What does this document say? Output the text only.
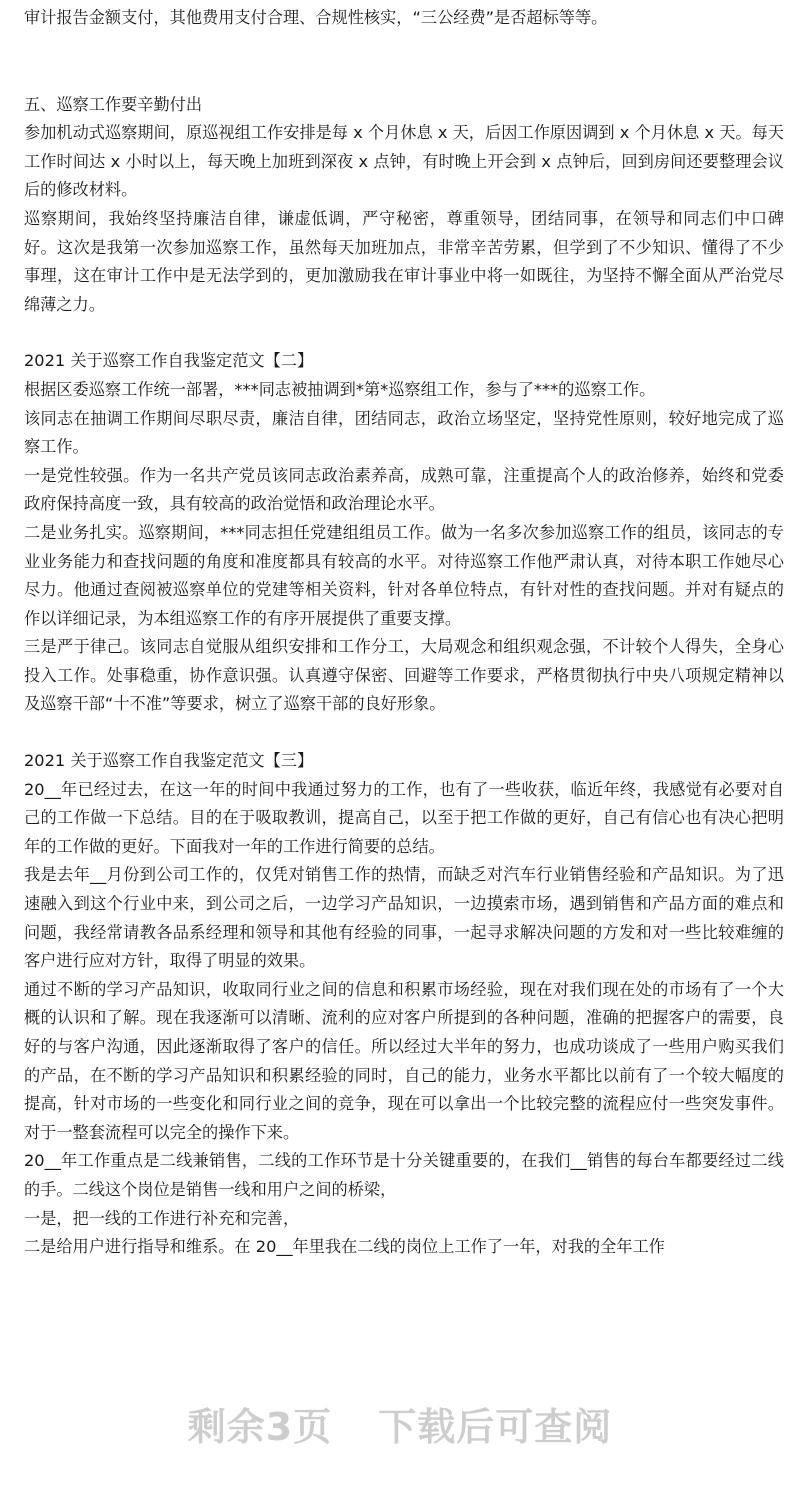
审计报告金额支付，其他费用支付合理、合规性核实，“三公经费”是否超标等等。

五、巡察工作要辛勤付出

参加机动式巡察期间，原巡视组工作安排是每 x 个月休息 x 天，后因工作原因调到 x 个月休息 x 天。每天工作时间达 x 小时以上，每天晚上加班到深夜 x 点钟，有时晚上开会到 x 点钟后，回到房间还要整理会议后的修改材料。

巡察期间，我始终坚持廉洁自律，谦虚低调，严守秘密，尊重领导，团结同事，在领导和同志们中口碑好。这次是我第一次参加巡察工作，虽然每天加班加点，非常辛苦劳累，但学到了不少知识、懂得了不少事理，这在审计工作中是无法学到的，更加激励我在审计事业中将一如既往，为坚持不懈全面从严治党尽绵薄之力。

2021 关于巡察工作自我鉴定范文【二】

根据区委巡察工作统一部署，***同志被抽调到*第*巡察组工作，参与了***的巡察工作。

该同志在抽调工作期间尽职尽责，廉洁自律，团结同志，政治立场坚定，坚持党性原则，较好地完成了巡察工作。

一是党性较强。作为一名共产党员该同志政治素养高，成熟可靠，注重提高个人的政治修养，始终和党委政府保持高度一致，具有较高的政治觉悟和政治理论水平。

二是业务扎实。巡察期间，***同志担任党建组组员工作。做为一名多次参加巡察工作的组员，该同志的专业业务能力和查找问题的角度和准度都具有较高的水平。对待巡察工作他严肃认真，对待本职工作她尽心尽力。他通过查阅被巡察单位的党建等相关资料，针对各单位特点，有针对性的查找问题。并对有疑点的作以详细记录，为本组巡察工作的有序开展提供了重要支撑。

三是严于律己。该同志自觉服从组织安排和工作分工，大局观念和组织观念强，不计较个人得失，全身心投入工作。处事稳重，协作意识强。认真遵守保密、回避等工作要求，严格贯彻执行中央八项规定精神以及巡察干部“十不准”等要求，树立了巡察干部的良好形象。

2021 关于巡察工作自我鉴定范文【三】

20__年已经过去，在这一年的时间中我通过努力的工作，也有了一些收获，临近年终，我感觉有必要对自己的工作做一下总结。目的在于吸取教训，提高自己，以至于把工作做的更好，自己有信心也有决心把明年的工作做的更好。下面我对一年的工作进行简要的总结。

我是去年__月份到公司工作的，仅凭对销售工作的热情，而缺乏对汽车行业销售经验和产品知识。为了迅速融入到这个行业中来，到公司之后，一边学习产品知识，一边摸索市场，遇到销售和产品方面的难点和问题，我经常请教各品系经理和领导和其他有经验的同事，一起寻求解决问题的方发和对一些比较难缠的客户进行应对方针，取得了明显的效果。

通过不断的学习产品知识，收取同行业之间的信息和积累市场经验，现在对我们现在处的市场有了一个大概的认识和了解。现在我逐渐可以清晰、流利的应对客户所提到的各种问题，准确的把握客户的需要，良好的与客户沟通，因此逐渐取得了客户的信任。所以经过大半年的努力，也成功谈成了一些用户购买我们的产品，在不断的学习产品知识和积累经验的同时，自己的能力，业务水平都比以前有了一个较大幅度的提高，针对市场的一些变化和同行业之间的竞争，现在可以拿出一个比较完整的流程应付一些突发事件。对于一整套流程可以完全的操作下来。

20__年工作重点是二线兼销售，二线的工作环节是十分关键重要的，在我们__销售的每台车都要经过二线的手。二线这个岗位是销售一线和用户之间的桥梁，

一是，把一线的工作进行补充和完善，

二是给用户进行指导和维系。在 20__年里我在二线的岗位上工作了一年，对我的全年工作

剩余3页 下载后可查阅
